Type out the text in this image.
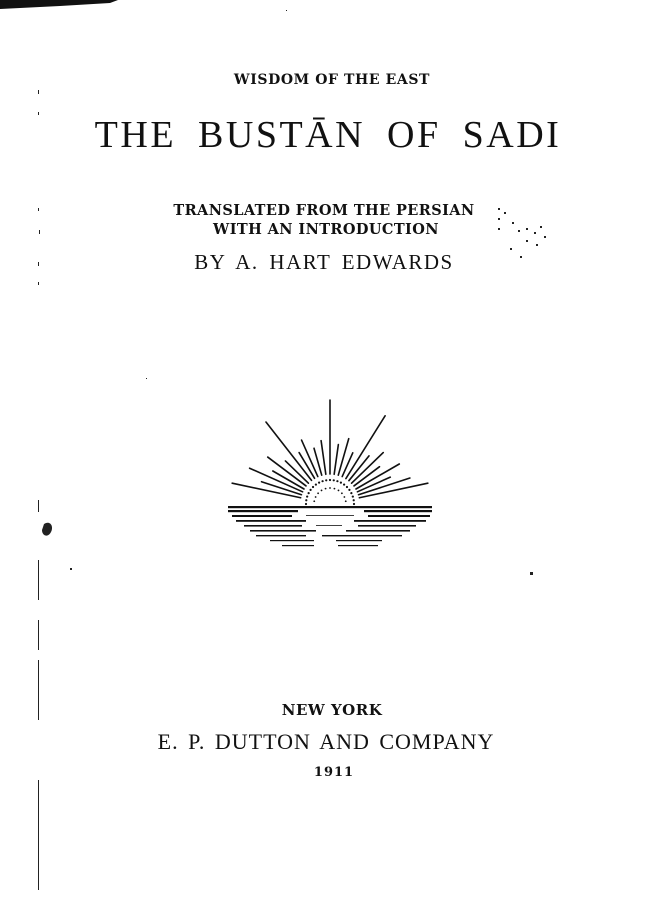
WISDOM OF THE EAST
THE BUSTĀN OF SADI
TRANSLATED FROM THE PERSIAN
WITH AN INTRODUCTION
BY A. HART EDWARDS
NEW YORK
E. P. DUTTON AND COMPANY
1911
